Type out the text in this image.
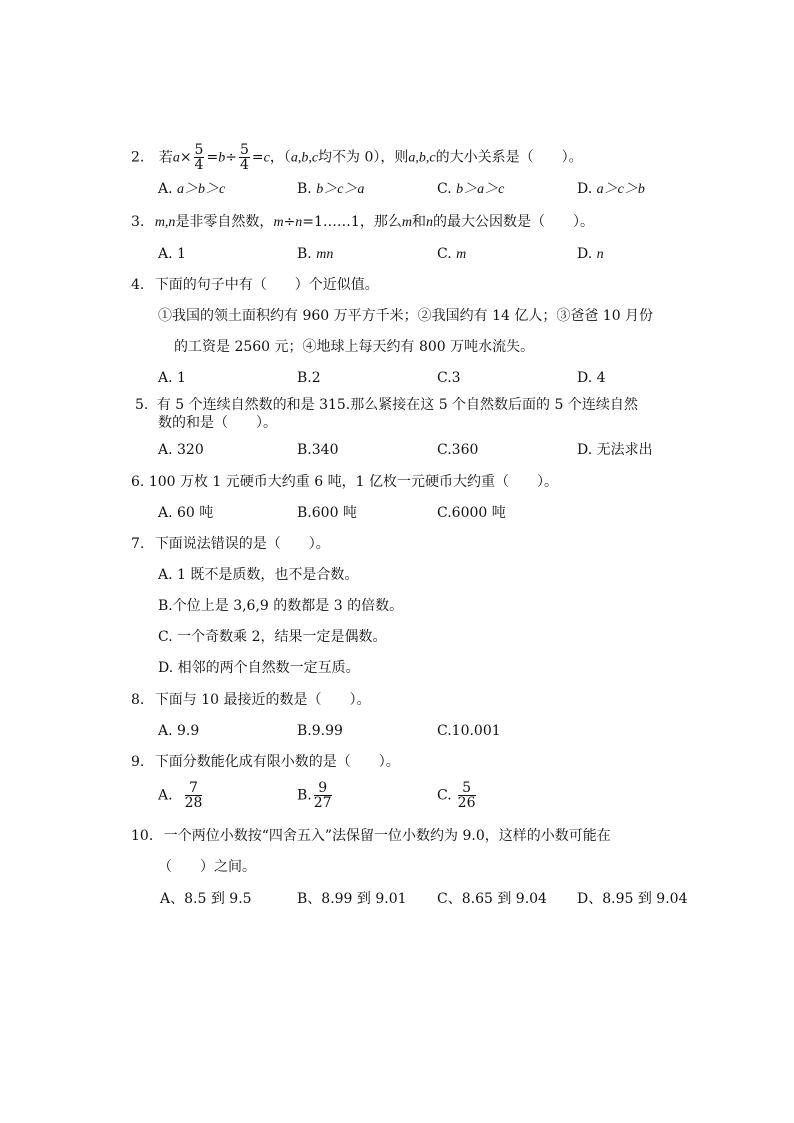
2. 若$a\times \frac{5}{4} =b\div \frac{5}{4} =c$，（a,b,c均不为 0），则a,b,c的大小关系是（　　）。
A. a＞b＞c	B. b＞c＞a	C. b＞a＞c	D. a＞c＞b
3. m,n是非零自然数，m÷n=1……1，那么m和n的最大公因数是（　　）。
A. 1	B. mn	C. m	D. n
4. 下面的句子中有（　　）个近似值。
①我国的领土面积约有 960 万平方千米；②我国约有 14 亿人；③爸爸 10 月份
的工资是 2560 元；④地球上每天约有 800 万吨水流失。
A. 1	B.2	C.3	D. 4
5. 有 5 个连续自然数的和是 315.那么紧接在这 5 个自然数后面的 5 个连续自然
数的和是（　　）。
A. 320	B.340	C.360	D. 无法求出
6. 100 万枚 1 元硬币大约重 6 吨，1 亿枚一元硬币大约重（　　）。
A. 60 吨	B.600 吨	C.6000 吨
7. 下面说法错误的是（　　）。
A. 1 既不是质数，也不是合数。
B.个位上是 3,6,9 的数都是 3 的倍数。
C. 一个奇数乘 2，结果一定是偶数。
D. 相邻的两个自然数一定互质。
8. 下面与 10 最接近的数是（　　）。
A. 9.9	B.9.99	C.10.001
9. 下面分数能化成有限小数的是（　　）。
A. $\frac{7}{28}$	B. $\frac{9}{27}$	C. $\frac{5}{26}$
10. 一个两位小数按“四舍五入”法保留一位小数约为 9.0，这样的小数可能在
（　　）之间。
A、8.5 到 9.5	B、8.99 到 9.01 C、8.65 到 9.04 D、8.95 到 9.04
